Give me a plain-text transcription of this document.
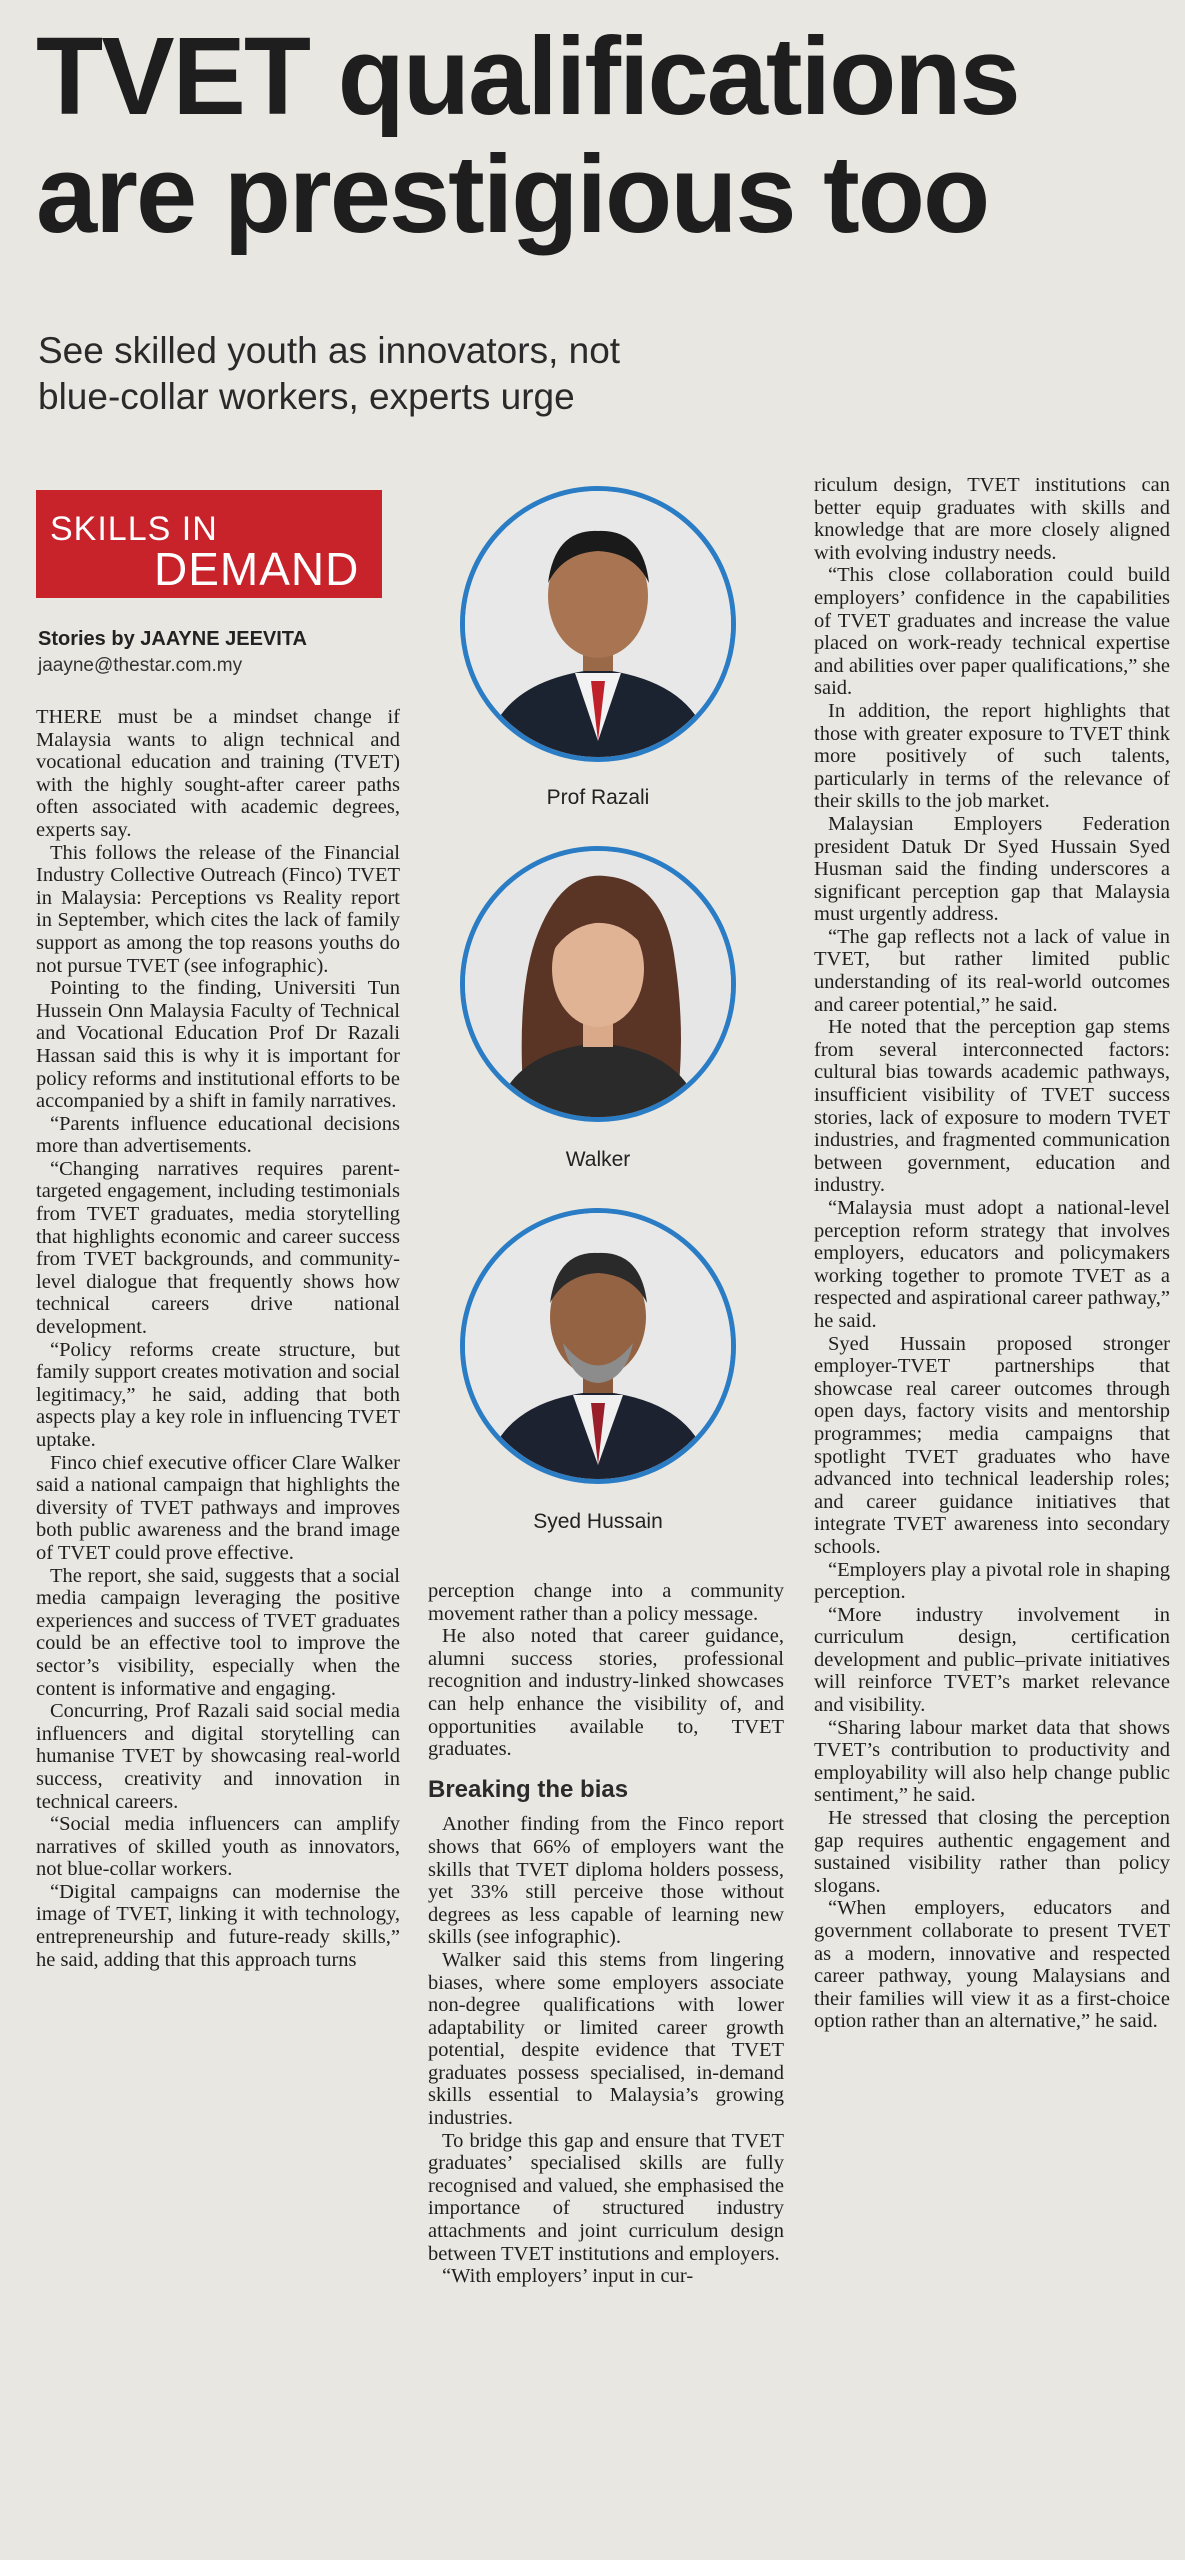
TVET qualifications
are prestigious too
See skilled youth as innovators, not
blue-collar workers, experts urge
SKILLS IN
DEMAND
Stories by JAAYNE JEEVITA
jaayne@thestar.com.my

THERE must be a mindset change if Malaysia wants to align technical and vocational education and training (TVET) with the highly sought-after career paths often associated with academic degrees, experts say.

This follows the release of the Financial Industry Collective Outreach (Finco) TVET in Malaysia: Perceptions vs Reality report in September, which cites the lack of family support as among the top reasons youths do not pursue TVET (see infographic).

Pointing to the finding, Universiti Tun Hussein Onn Malaysia Faculty of Technical and Vocational Education Prof Dr Razali Hassan said this is why it is important for policy reforms and institutional efforts to be accompanied by a shift in family narratives.

“Parents influence educational decisions more than advertisements.

“Changing narratives requires parent-targeted engagement, including testimonials from TVET graduates, media storytelling that highlights economic and career success from TVET backgrounds, and community-level dialogue that frequently shows how technical careers drive national development.

“Policy reforms create structure, but family support creates motivation and social legitimacy,” he said, adding that both aspects play a key role in influencing TVET uptake.

Finco chief executive officer Clare Walker said a national campaign that highlights the diversity of TVET pathways and improves both public awareness and the brand image of TVET could prove effective.

The report, she said, suggests that a social media campaign leveraging the positive experiences and success of TVET graduates could be an effective tool to improve the sector’s visibility, especially when the content is informative and engaging.

Concurring, Prof Razali said social media influencers and digital storytelling can humanise TVET by showcasing real-world success, creativity and innovation in technical careers.

“Social media influencers can amplify narratives of skilled youth as innovators, not blue-collar workers.

“Digital campaigns can modernise the image of TVET, linking it with technology, entrepreneurship and future-ready skills,” he said, adding that this approach turns

Prof Razali
Walker
Syed Hussain

perception change into a community movement rather than a policy message.

He also noted that career guidance, alumni success stories, professional recognition and industry-linked showcases can help enhance the visibility of, and opportunities available to, TVET graduates.

Breaking the bias

Another finding from the Finco report shows that 66% of employers want the skills that TVET diploma holders possess, yet 33% still perceive those without degrees as less capable of learning new skills (see infographic).

Walker said this stems from lingering biases, where some employers associate non-degree qualifications with lower adaptability or limited career growth potential, despite evidence that TVET graduates possess specialised, in-demand skills essential to Malaysia’s growing industries.

To bridge this gap and ensure that TVET graduates’ specialised skills are fully recognised and valued, she emphasised the importance of structured industry attachments and joint curriculum design between TVET institutions and employers.

“With employers’ input in cur-

riculum design, TVET institutions can better equip graduates with skills and knowledge that are more closely aligned with evolving industry needs.

“This close collaboration could build employers’ confidence in the capabilities of TVET graduates and increase the value placed on work-ready technical expertise and abilities over paper qualifications,” she said.

In addition, the report highlights that those with greater exposure to TVET think more positively of such talents, particularly in terms of the relevance of their skills to the job market.

Malaysian Employers Federation president Datuk Dr Syed Hussain Syed Husman said the finding underscores a significant perception gap that Malaysia must urgently address.

“The gap reflects not a lack of value in TVET, but rather limited public understanding of its real-world outcomes and career potential,” he said.

He noted that the perception gap stems from several interconnected factors: cultural bias towards academic pathways, insufficient visibility of TVET success stories, lack of exposure to modern TVET industries, and fragmented communication between government, education and industry.

“Malaysia must adopt a national-level perception reform strategy that involves employers, educators and policymakers working together to promote TVET as a respected and aspirational career pathway,” he said.

Syed Hussain proposed stronger employer-TVET partnerships that showcase real career outcomes through open days, factory visits and mentorship programmes; media campaigns that spotlight TVET graduates who have advanced into technical leadership roles; and career guidance initiatives that integrate TVET awareness into secondary schools.

“Employers play a pivotal role in shaping perception.

“More industry involvement in curriculum design, certification development and public–private initiatives will reinforce TVET’s market relevance and visibility.

“Sharing labour market data that shows TVET’s contribution to productivity and employability will also help change public sentiment,” he said.

He stressed that closing the perception gap requires authentic engagement and sustained visibility rather than policy slogans.

“When employers, educators and government collaborate to present TVET as a modern, innovative and respected career pathway, young Malaysians and their families will view it as a first-choice option rather than an alternative,” he said.
